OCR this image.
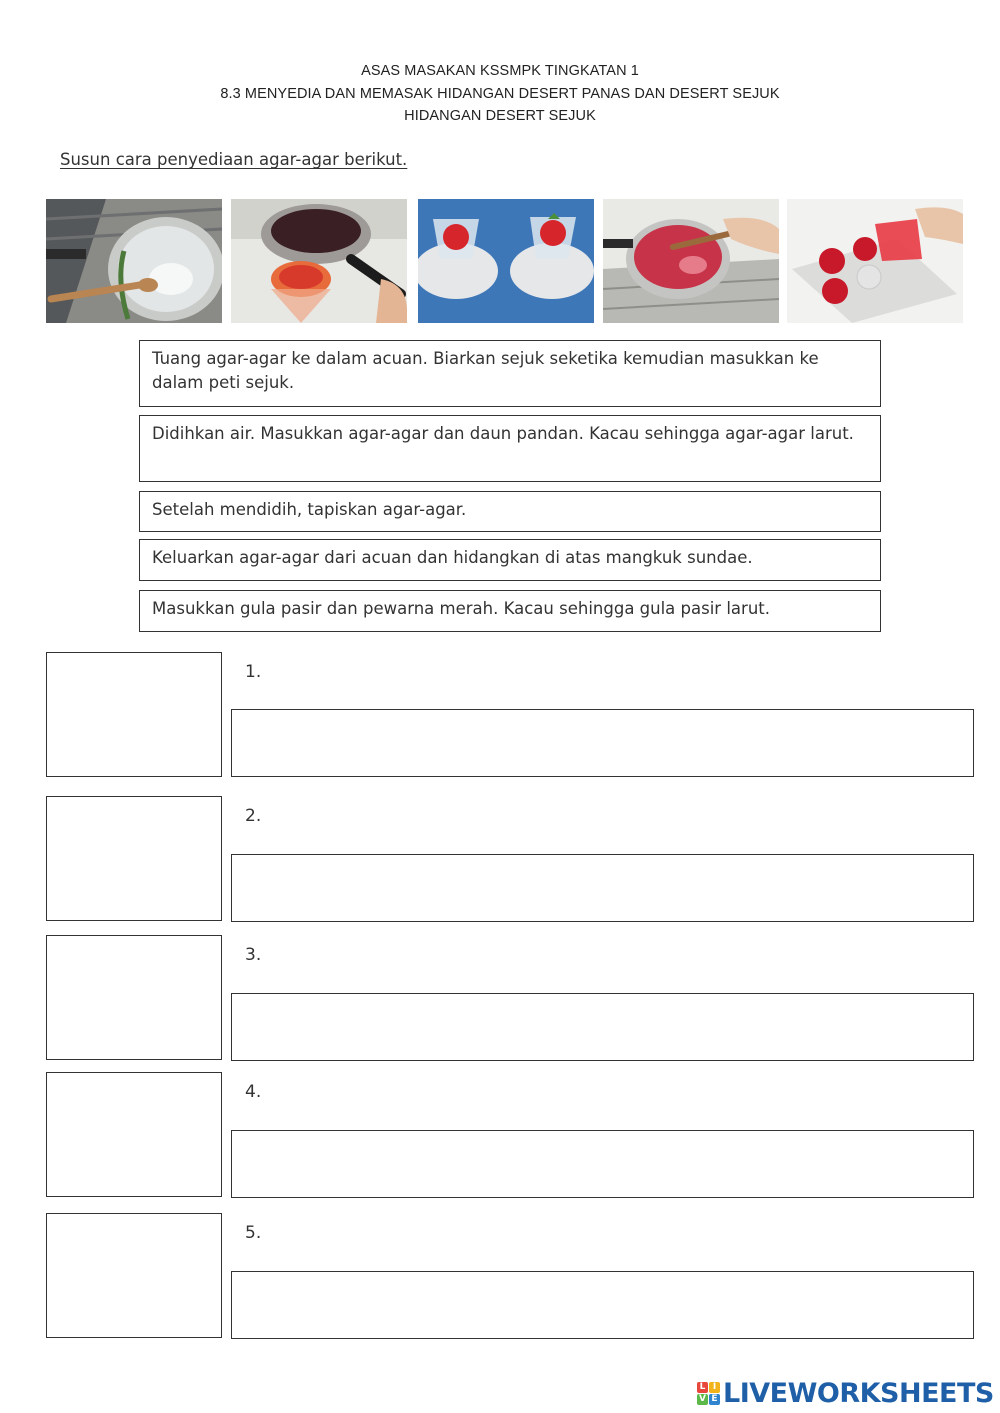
ASAS MASAKAN KSSMPK TINGKATAN 1
8.3 MENYEDIA DAN MEMASAK HIDANGAN DESERT PANAS DAN DESERT SEJUK
HIDANGAN DESERT SEJUK
Susun cara penyediaan agar-agar berikut.
Tuang agar-agar ke dalam acuan. Biarkan sejuk seketika kemudian masukkan ke dalam peti sejuk.
Didihkan air. Masukkan agar-agar dan daun pandan. Kacau sehingga agar-agar larut.
Setelah mendidih, tapiskan agar-agar.
Keluarkan agar-agar dari acuan dan hidangkan di atas mangkuk sundae.
Masukkan gula pasir dan pewarna merah. Kacau sehingga gula pasir larut.
1.
2.
3.
4.
5.
L I
V E LIVEWORKSHEETS
